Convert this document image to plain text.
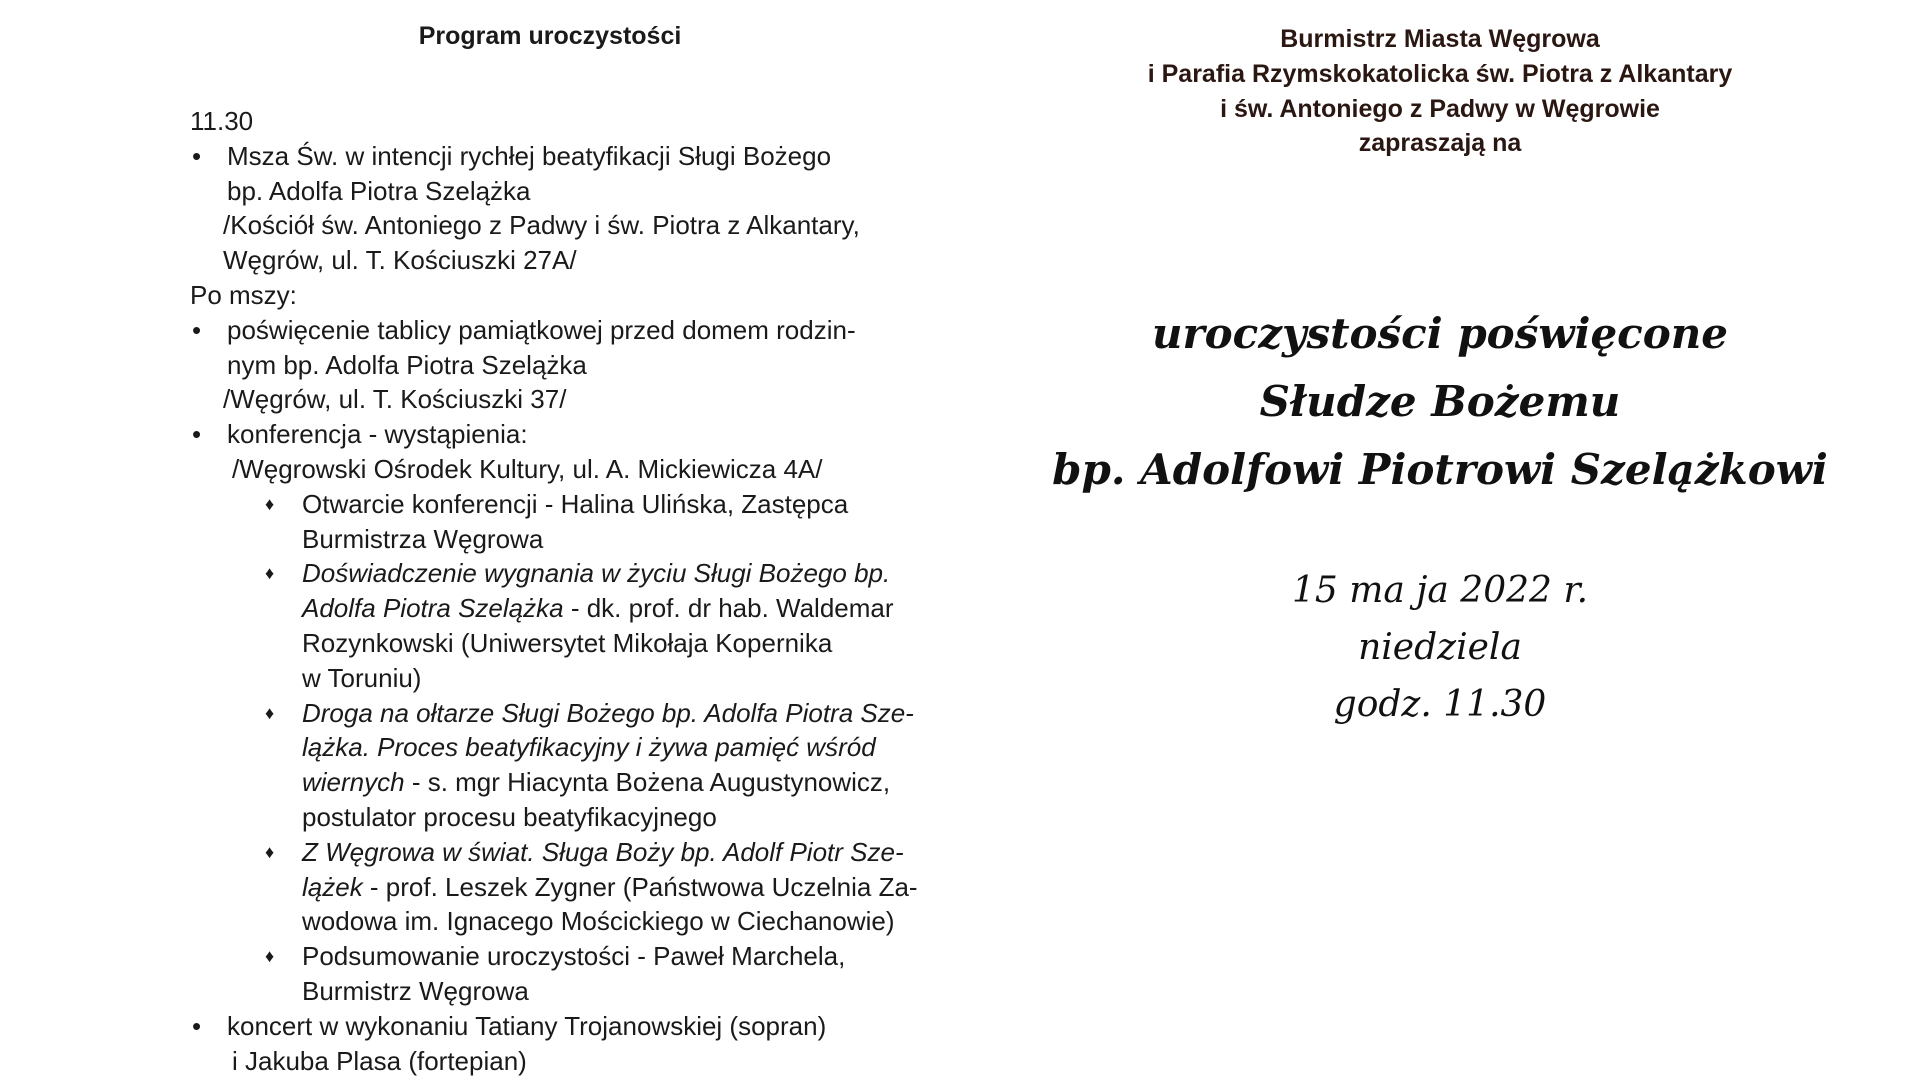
Program uroczystości
11.30
• Msza Św. w intencji rychłej beatyfikacji Sługi Bożego
bp. Adolfa Piotra Szelążka
/Kościół św. Antoniego z Padwy i św. Piotra z Alkantary,
Węgrów, ul. T. Kościuszki 27A/
Po mszy:
• poświęcenie tablicy pamiątkowej przed domem rodzin-
nym bp. Adolfa Piotra Szelążka
/Węgrów, ul. T. Kościuszki 37/
• konferencja - wystąpienia:
/Węgrowski Ośrodek Kultury, ul. A. Mickiewicza 4A/
♦ Otwarcie konferencji - Halina Ulińska, Zastępca
Burmistrza Węgrowa
♦ Doświadczenie wygnania w życiu Sługi Bożego bp.
Adolfa Piotra Szelążka - dk. prof. dr hab. Waldemar
Rozynkowski (Uniwersytet Mikołaja Kopernika
w Toruniu)
♦ Droga na ołtarze Sługi Bożego bp. Adolfa Piotra Sze-
lążka. Proces beatyfikacyjny i żywa pamięć wśród
wiernych - s. mgr Hiacynta Bożena Augustynowicz,
postulator procesu beatyfikacyjnego
♦ Z Węgrowa w świat. Sługa Boży bp. Adolf Piotr Sze-
lążek - prof. Leszek Zygner (Państwowa Uczelnia Za-
wodowa im. Ignacego Mościckiego w Ciechanowie)
♦ Podsumowanie uroczystości - Paweł Marchela,
Burmistrz Węgrowa
• koncert w wykonaniu Tatiany Trojanowskiej (sopran)
i Jakuba Plasa (fortepian)
Burmistrz Miasta Węgrowa
i Parafia Rzymskokatolicka św. Piotra z Alkantary
i św. Antoniego z Padwy w Węgrowie
zapraszają na
uroczystości poświęcone
Słudze Bożemu
bp. Adolfowi Piotrowi Szelążkowi
15 ma ja 2022 r.
niedziela
godz. 11.30
